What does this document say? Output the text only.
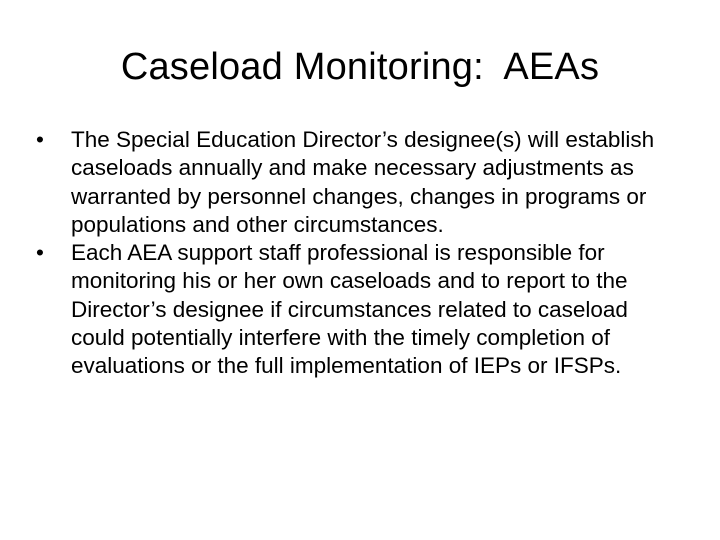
Caseload Monitoring:  AEAs
•	The Special Education Director’s designee(s) will establish caseloads annually and make necessary adjustments as warranted by personnel changes, changes in programs or populations and other circumstances.
•	Each AEA support staff professional is responsible for monitoring his or her own caseloads and to report to the Director’s designee if circumstances related to caseload could potentially interfere with the timely completion of evaluations or the full implementation of IEPs or IFSPs.
